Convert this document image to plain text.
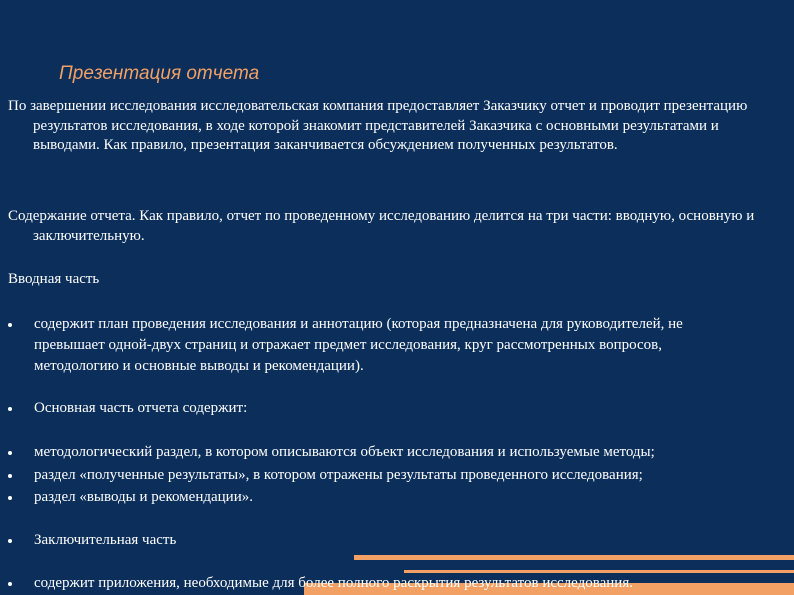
Презентация отчета

По завершении исследования исследовательская компания предоставляет Заказчику отчет и проводит презентацию результатов исследования, в ходе которой знакомит представителей Заказчика с основными результатами и выводами. Как правило, презентация заканчивается обсуждением полученных результатов.

Содержание отчета. Как правило, отчет по проведенному исследованию делится на три части: вводную, основную и заключительную.

Вводная часть

содержит план проведения исследования и аннотацию (которая предназначена для руководителей, не превышает одной-двух страниц и отражает предмет исследования, круг рассмотренных вопросов, методологию и основные выводы и рекомендации).

Основная часть отчета содержит:

методологический раздел, в котором описываются объект исследования и используемые методы;

раздел «полученные результаты», в котором отражены результаты проведенного исследования;

раздел «выводы и рекомендации».

Заключительная часть

содержит приложения, необходимые для более полного раскрытия результатов исследования.
